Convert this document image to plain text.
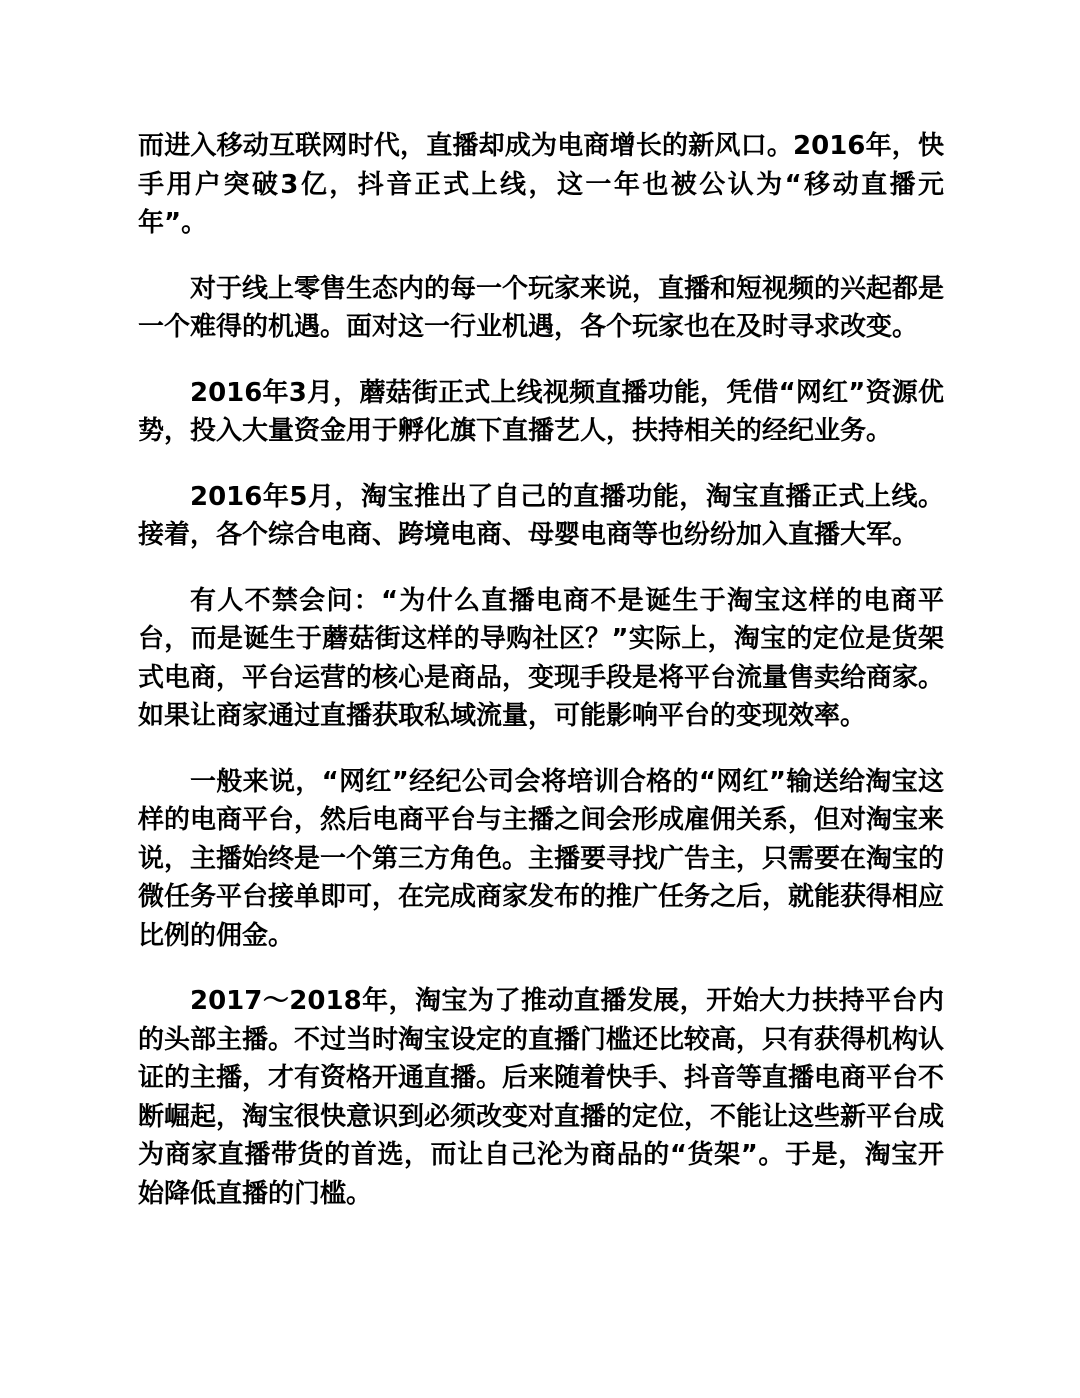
而进入移动互联网时代，直播却成为电商增长的新风口。2016年，快手用户突破3亿，抖音正式上线，这一年也被公认为“移动直播元年”。

对于线上零售生态内的每一个玩家来说，直播和短视频的兴起都是一个难得的机遇。面对这一行业机遇，各个玩家也在及时寻求改变。

2016年3月，蘑菇街正式上线视频直播功能，凭借“网红”资源优势，投入大量资金用于孵化旗下直播艺人，扶持相关的经纪业务。

2016年5月，淘宝推出了自己的直播功能，淘宝直播正式上线。接着，各个综合电商、跨境电商、母婴电商等也纷纷加入直播大军。

有人不禁会问：“为什么直播电商不是诞生于淘宝这样的电商平台，而是诞生于蘑菇街这样的导购社区？”实际上，淘宝的定位是货架式电商，平台运营的核心是商品，变现手段是将平台流量售卖给商家。如果让商家通过直播获取私域流量，可能影响平台的变现效率。

一般来说，“网红”经纪公司会将培训合格的“网红”输送给淘宝这样的电商平台，然后电商平台与主播之间会形成雇佣关系，但对淘宝来说，主播始终是一个第三方角色。主播要寻找广告主，只需要在淘宝的微任务平台接单即可，在完成商家发布的推广任务之后，就能获得相应比例的佣金。

2017～2018年，淘宝为了推动直播发展，开始大力扶持平台内的头部主播。不过当时淘宝设定的直播门槛还比较高，只有获得机构认证的主播，才有资格开通直播。后来随着快手、抖音等直播电商平台不断崛起，淘宝很快意识到必须改变对直播的定位，不能让这些新平台成为商家直播带货的首选，而让自己沦为商品的“货架”。于是，淘宝开始降低直播的门槛。
